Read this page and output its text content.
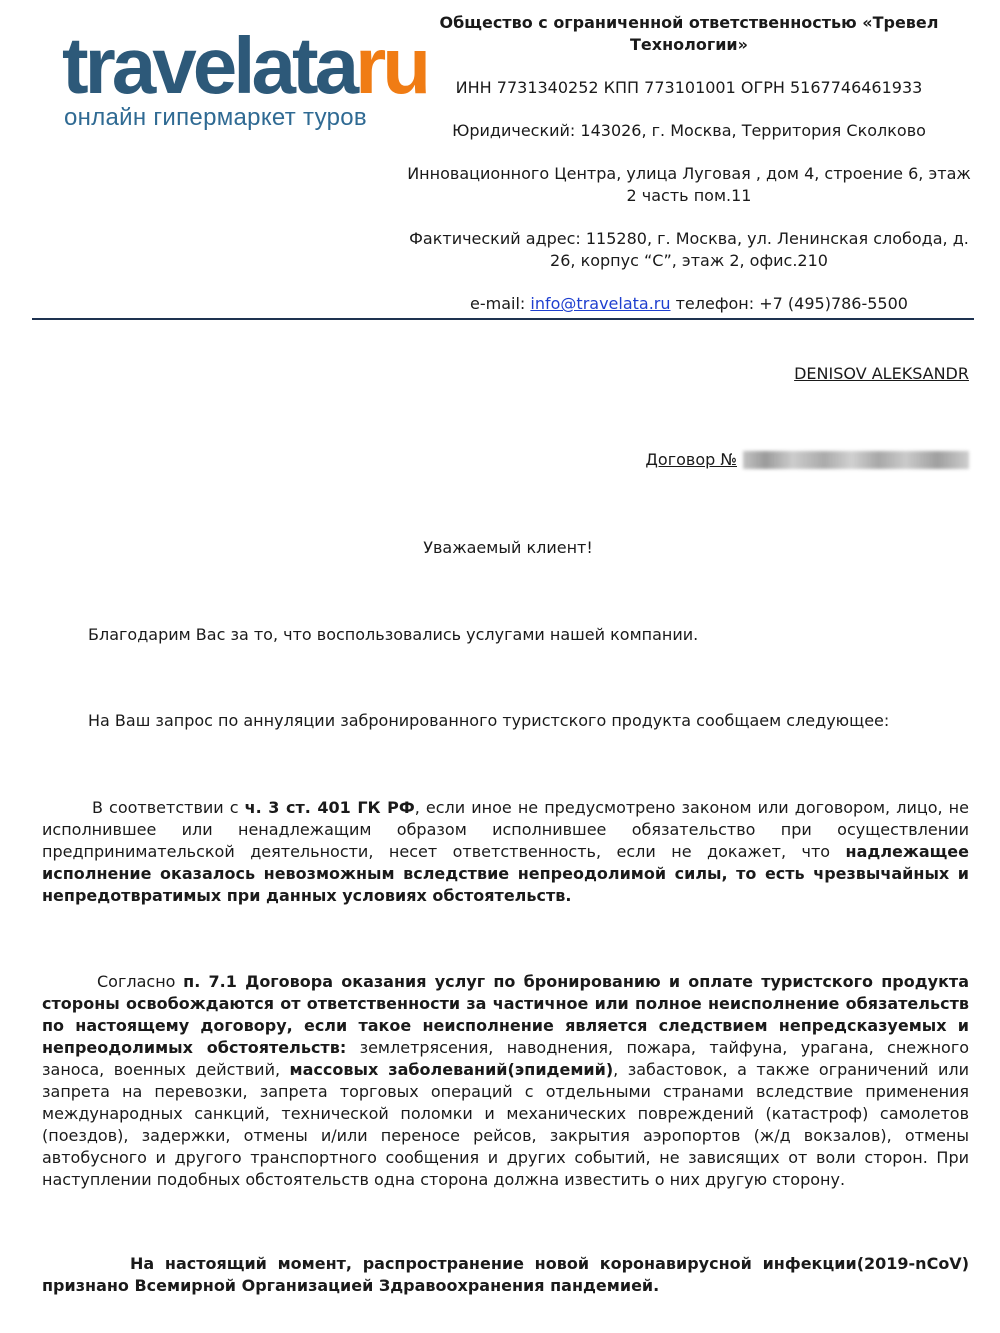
travelataru
онлайн гипермаркет туров

Общество с ограниченной ответственностью «Тревел Технологии»

ИНН 7731340252 КПП 773101001 ОГРН 5167746461933

Юридический: 143026, г. Москва, Территория Сколково

Инновационного Центра, улица Луговая , дом 4, строение 6, этаж 2 часть пом.11

Фактический адрес: 115280, г. Москва, ул. Ленинская слобода, д. 26, корпус “С”, этаж 2, офис.210

e-mail: info@travelata.ru телефон: +7 (495)786-5500

DENISOV ALEKSANDR
Договор №
Уважаемый клиент!
Благодарим Вас за то, что воспользовались услугами нашей компании.
На Ваш запрос по аннуляции забронированного туристского продукта сообщаем следующее:
В соответствии с ч. 3 ст. 401 ГК РФ, если иное не предусмотрено законом или договором, лицо, не исполнившее или ненадлежащим образом исполнившее обязательство при осуществлении предпринимательской деятельности, несет ответственность, если не докажет, что надлежащее исполнение оказалось невозможным вследствие непреодолимой силы, то есть чрезвычайных и непредотвратимых при данных условиях обстоятельств.
Согласно п. 7.1 Договора оказания услуг по бронированию и оплате туристского продукта стороны освобождаются от ответственности за частичное или полное неисполнение обязательств по настоящему договору, если такое неисполнение является следствием непредсказуемых и непреодолимых обстоятельств: землетрясения, наводнения, пожара, тайфуна, урагана, снежного заноса, военных действий, массовых заболеваний(эпидемий), забастовок, а также ограничений или запрета на перевозки, запрета торговых операций с отдельными странами вследствие применения международных санкций, технической поломки и механических повреждений (катастроф) самолетов (поездов), задержки, отмены и/или переносе рейсов, закрытия аэропортов (ж/д вокзалов), отмены автобусного и другого транспортного сообщения и других событий, не зависящих от воли сторон. При наступлении подобных обстоятельств одна сторона должна известить о них другую сторону.
На настоящий момент, распространение новой коронавирусной инфекции(2019-nCoV) признано Всемирной Организацией Здравоохранения пандемией.
